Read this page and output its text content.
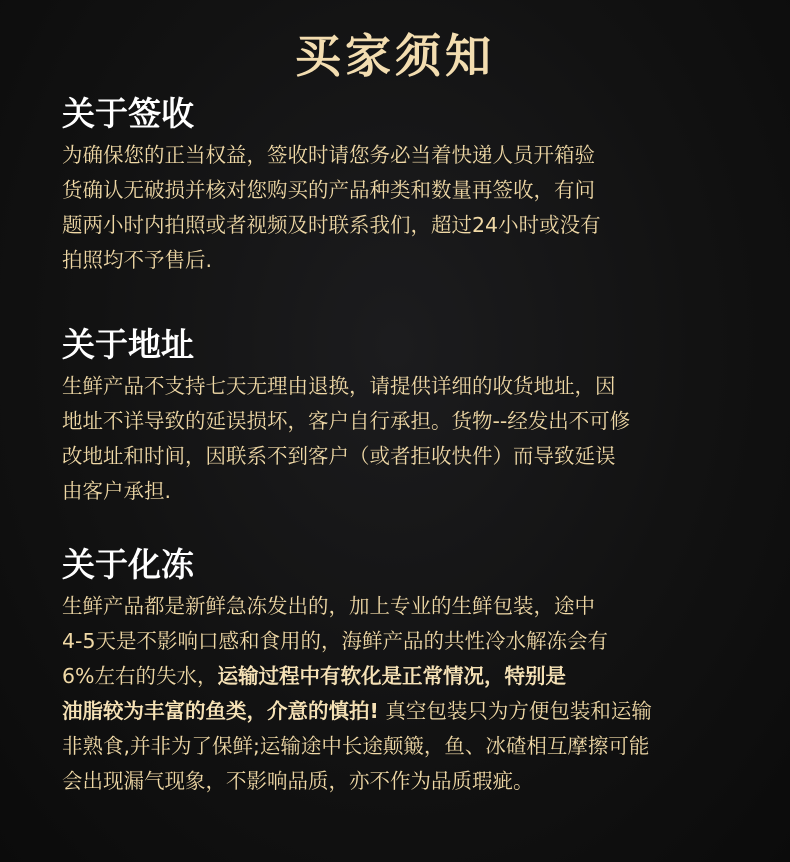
买家须知
关于签收
为确保您的正当权益，签收时请您务必当着快递人员开箱验
货确认无破损并核对您购买的产品种类和数量再签收，有问
题两小时内拍照或者视频及时联系我们，超过24小时或没有
拍照均不予售后.
关于地址
生鲜产品不支持七天无理由退换，请提供详细的收货地址，因
地址不详导致的延误损坏，客户自行承担。货物--经发出不可修
改地址和时间，因联系不到客户（或者拒收快件）而导致延误
由客户承担.
关于化冻
生鲜产品都是新鲜急冻发出的，加上专业的生鲜包装，途中
4-5天是不影响口感和食用的，海鲜产品的共性冷水解冻会有
6%左右的失水，运输过程中有软化是正常情况，特别是
油脂较为丰富的鱼类，介意的慎拍! 真空包装只为方便包装和运输
非熟食,并非为了保鲜;运输途中长途颠簸，鱼、冰碴相互摩擦可能
会出现漏气现象，不影响品质，亦不作为品质瑕疵。
